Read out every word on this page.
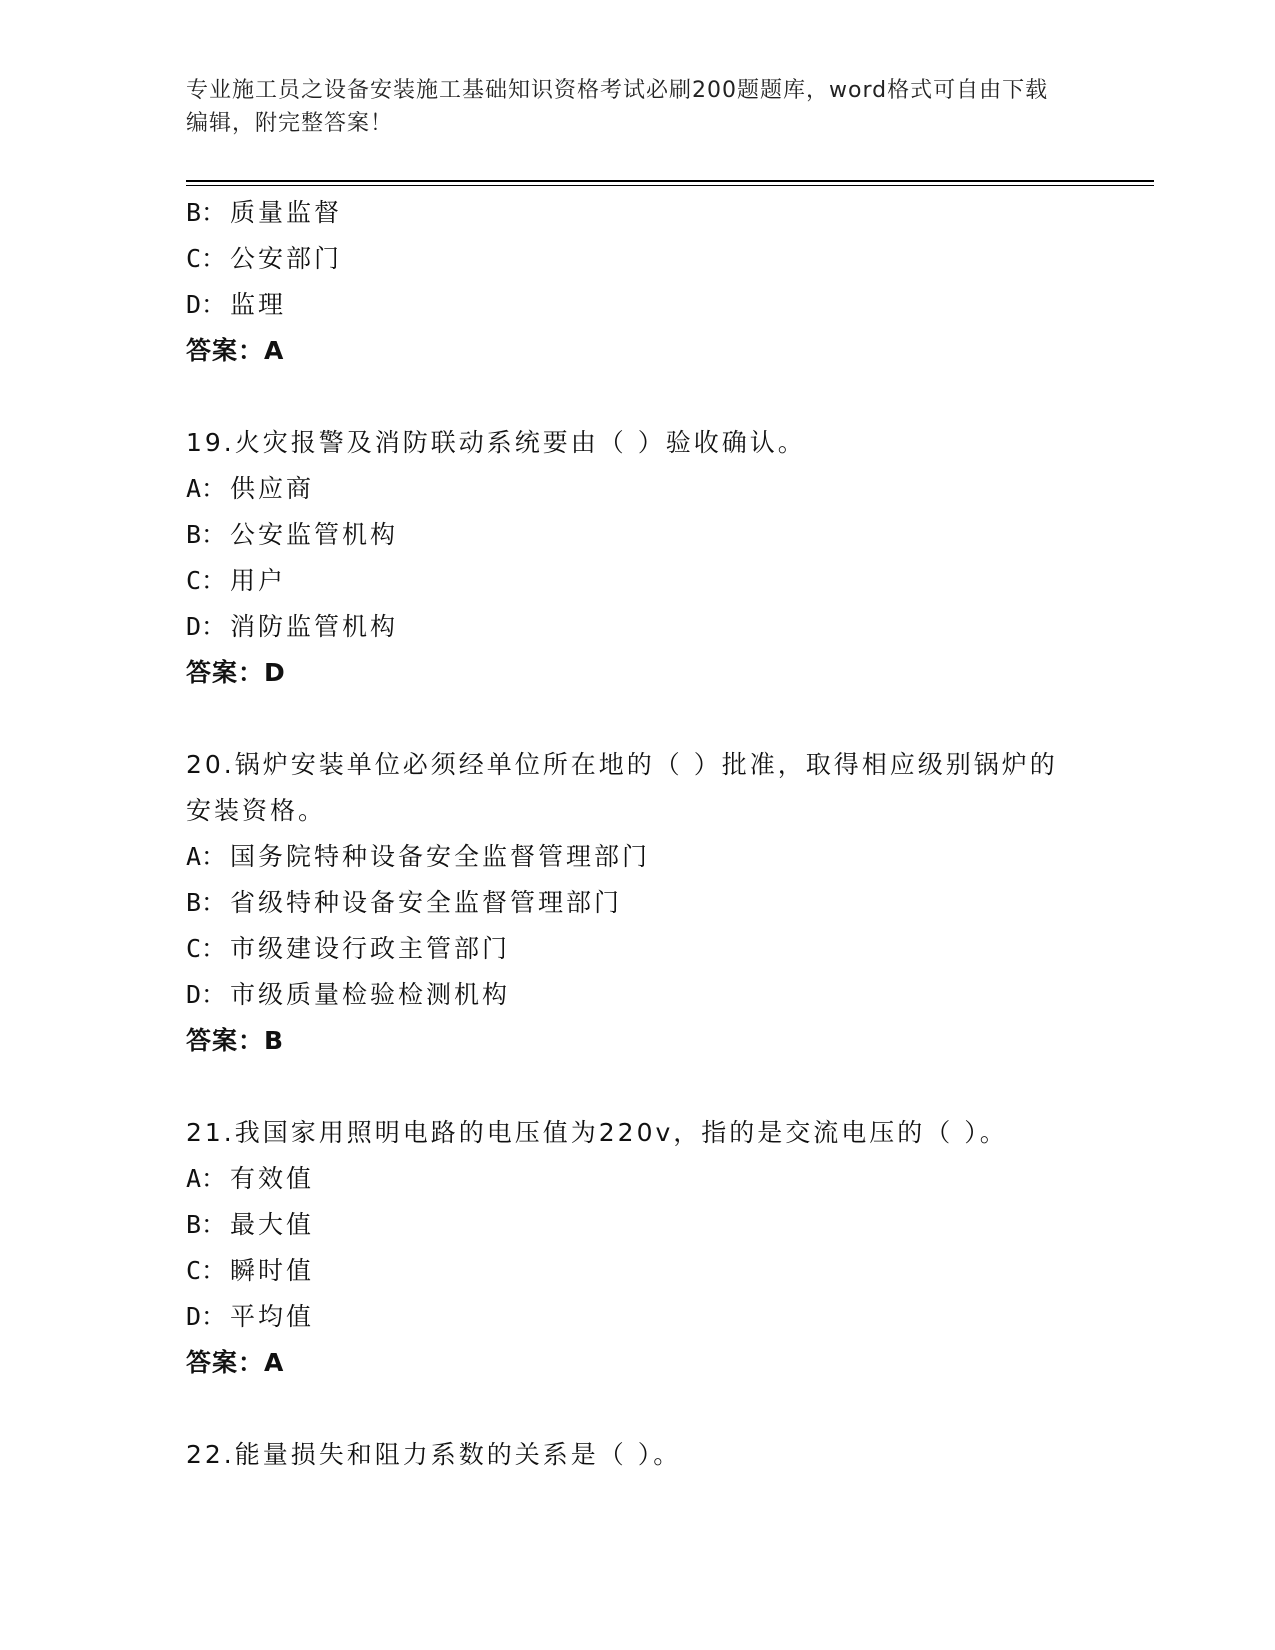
专业施工员之设备安装施工基础知识资格考试必刷200题题库，word格式可自由下载编辑，附完整答案！
B： 质量监督
C： 公安部门
D： 监理
答案：A
19.火灾报警及消防联动系统要由（ ）验收确认。
A： 供应商
B： 公安监管机构
C： 用户
D： 消防监管机构
答案：D
20.锅炉安装单位必须经单位所在地的（ ）批准，取得相应级别锅炉的安装资格。
A： 国务院特种设备安全监督管理部门
B： 省级特种设备安全监督管理部门
C： 市级建设行政主管部门
D： 市级质量检验检测机构
答案：B
21.我国家用照明电路的电压值为220v，指的是交流电压的（ ）。
A： 有效值
B： 最大值
C： 瞬时值
D： 平均值
答案：A
22.能量损失和阻力系数的关系是（ ）。
